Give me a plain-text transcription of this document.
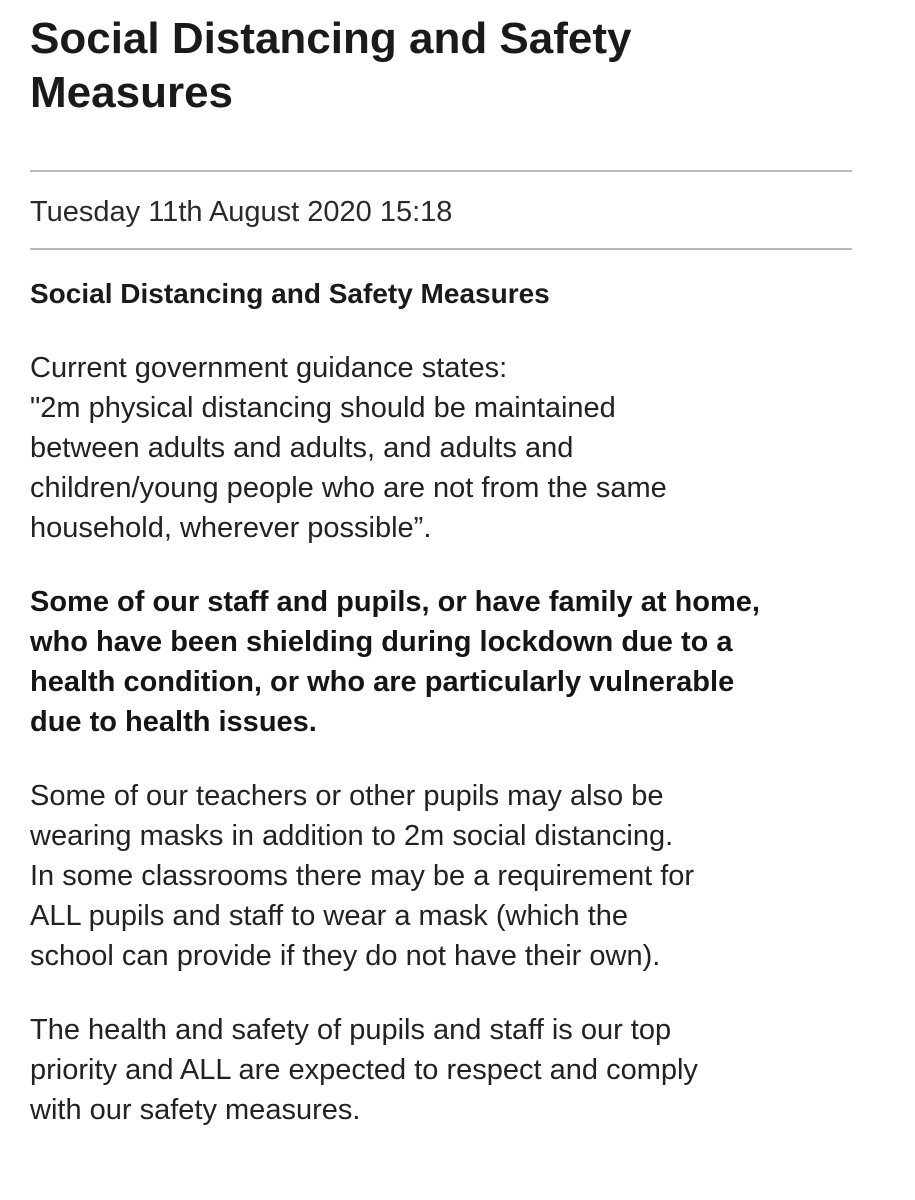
Social Distancing and Safety
Measures
Tuesday 11th August 2020 15:18
Social Distancing and Safety Measures

Current government guidance states:
"2m physical distancing should be maintained
between adults and adults, and adults and
children/young people who are not from the same
household, wherever possible”.

Some of our staff and pupils, or have family at home,
who have been shielding during lockdown due to a
health condition, or who are particularly vulnerable
due to health issues.

Some of our teachers or other pupils may also be
wearing masks in addition to 2m social distancing.
In some classrooms there may be a requirement for
ALL pupils and staff to wear a mask (which the
school can provide if they do not have their own).

The health and safety of pupils and staff is our top
priority and ALL are expected to respect and comply
with our safety measures.
